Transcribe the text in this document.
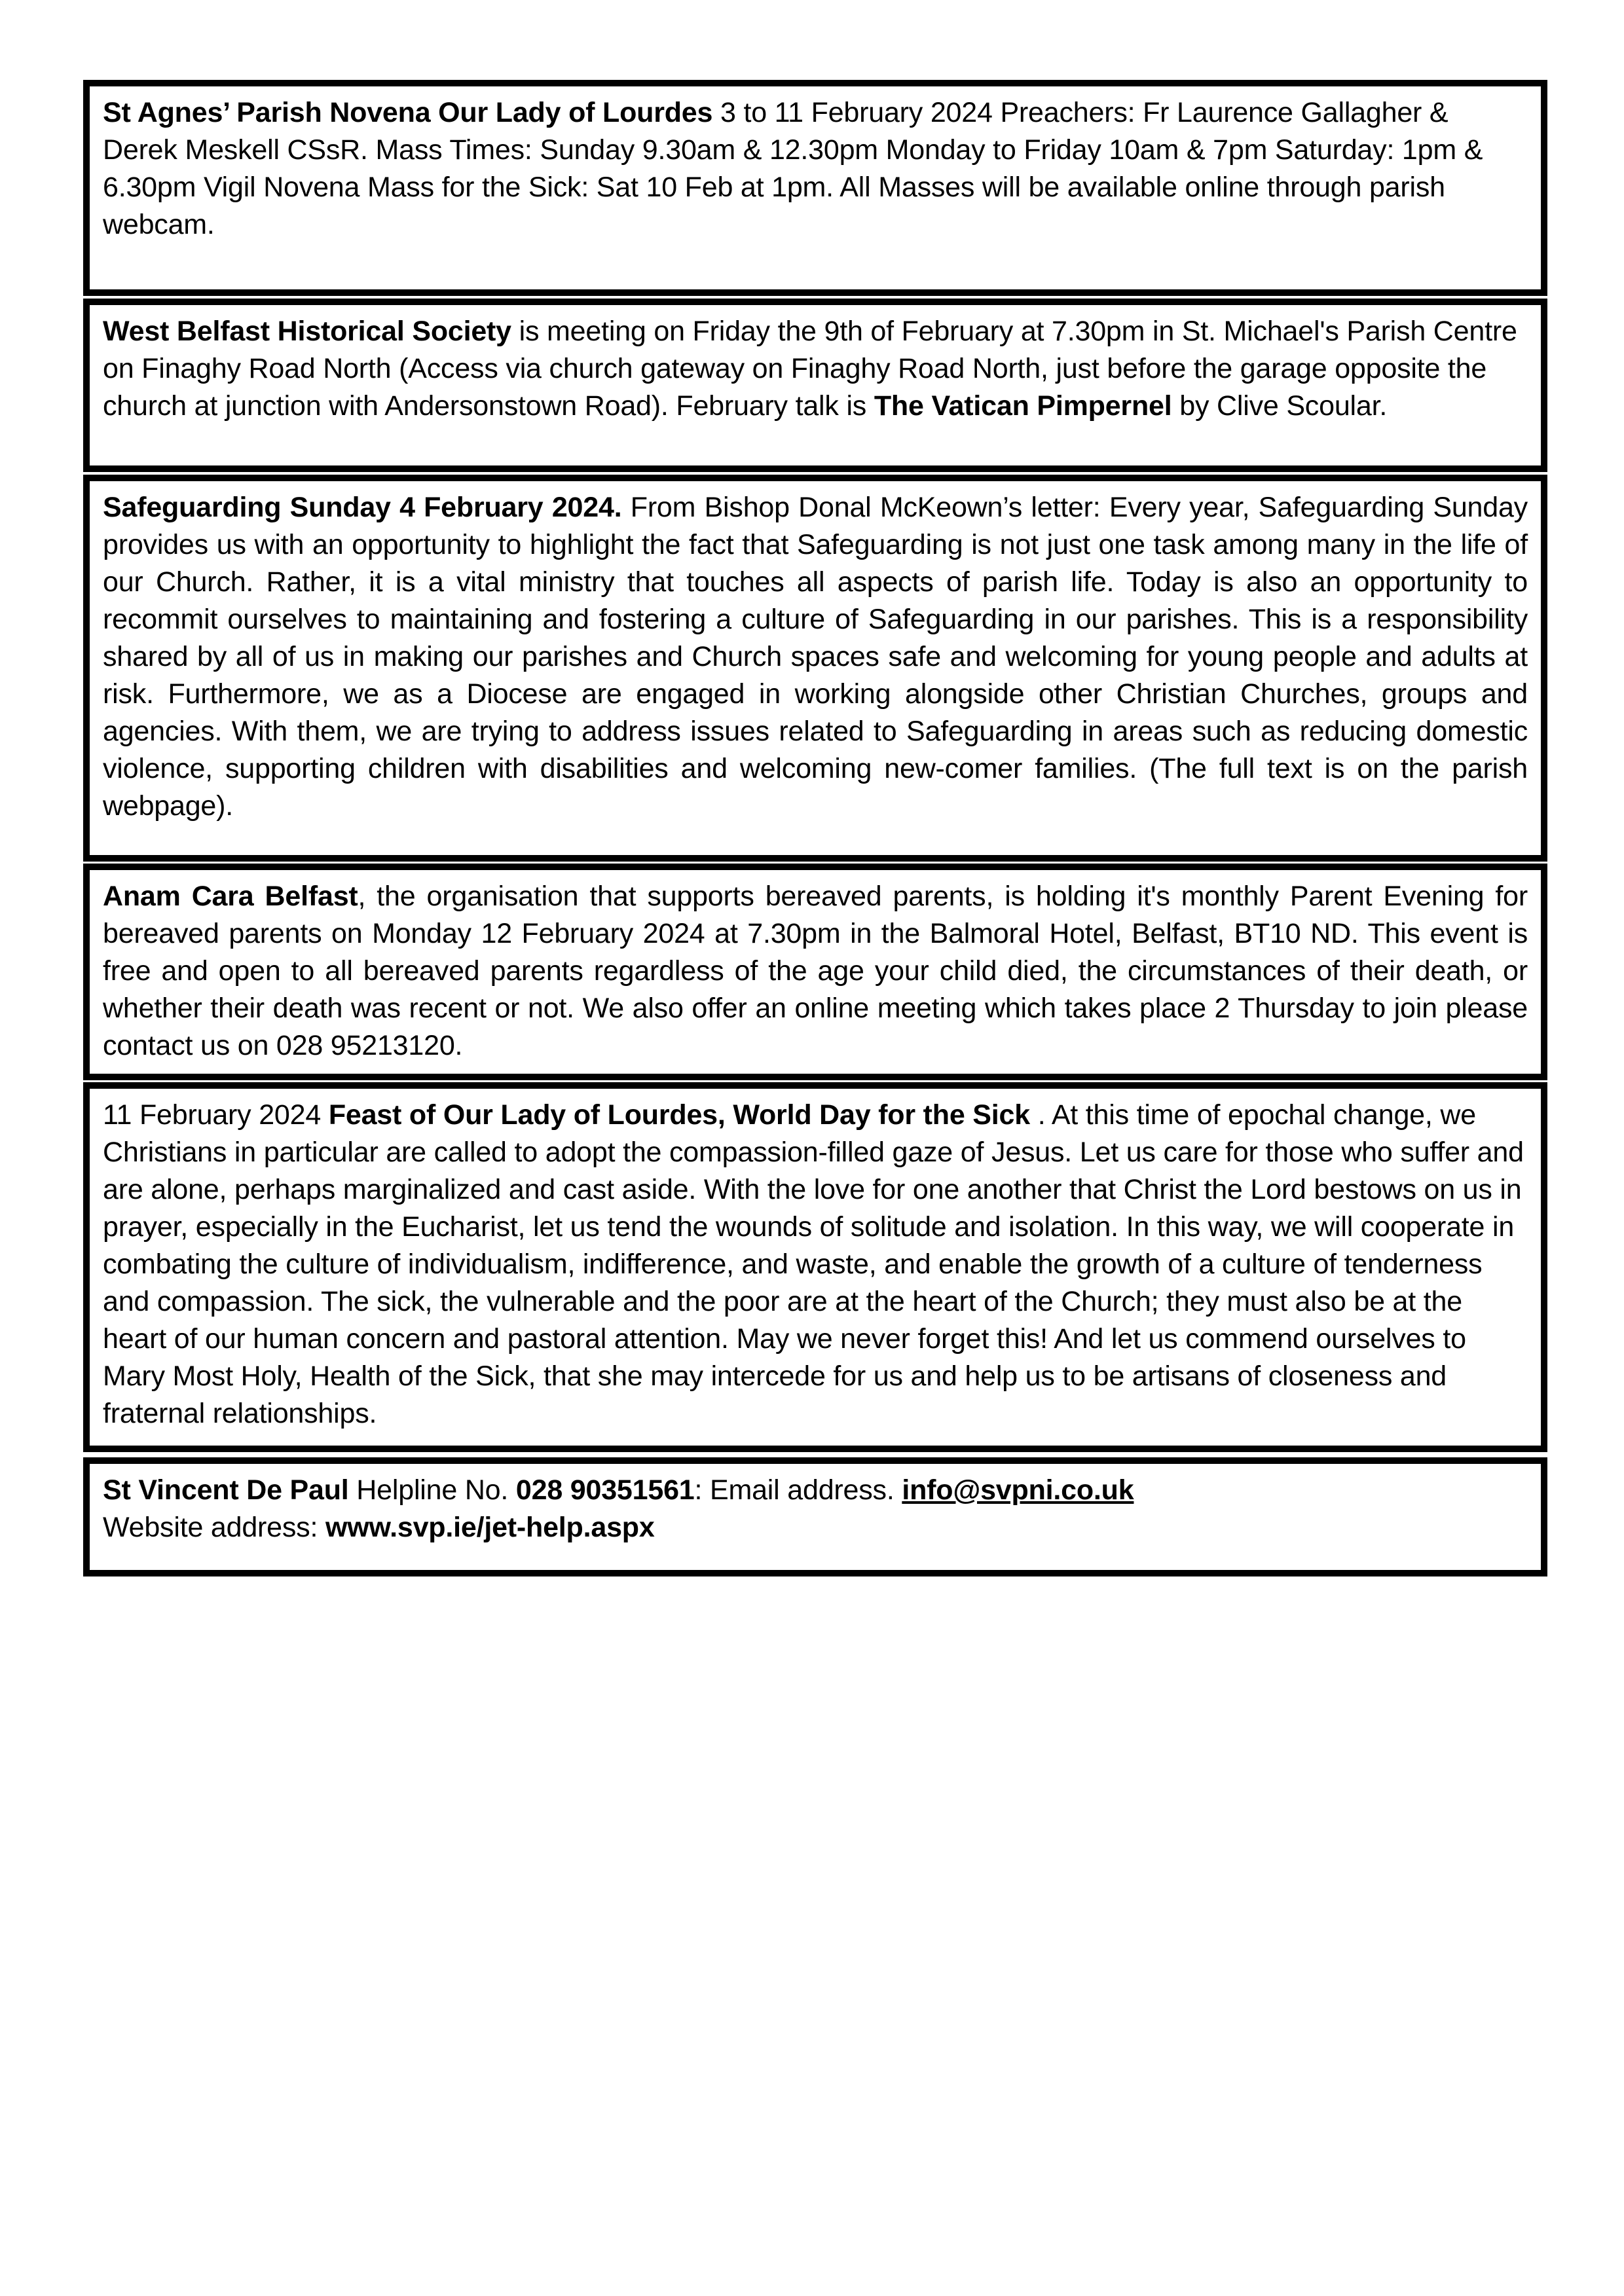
St Agnes’ Parish Novena Our Lady of Lourdes 3 to 11 February 2024 Preachers: Fr Laurence Gallagher & Derek Meskell CSsR. Mass Times: Sunday 9.30am & 12.30pm Monday to Friday 10am & 7pm Saturday: 1pm & 6.30pm Vigil Novena Mass for the Sick: Sat 10 Feb at 1pm. All Masses will be available online through parish webcam.
West Belfast Historical Society is meeting on Friday the 9th of February at 7.30pm in St. Michael's Parish Centre on Finaghy Road North (Access via church gateway on Finaghy Road North, just before the garage opposite the church at junction with Andersonstown Road). February talk is The Vatican Pimpernel by Clive Scoular.
Safeguarding Sunday 4 February 2024. From Bishop Donal McKeown’s letter: Every year, Safeguarding Sunday provides us with an opportunity to highlight the fact that Safeguarding is not just one task among many in the life of our Church. Rather, it is a vital ministry that touches all aspects of parish life. Today is also an opportunity to recommit ourselves to maintaining and fostering a culture of Safeguarding in our parishes. This is a responsibility shared by all of us in making our parishes and Church spaces safe and welcoming for young people and adults at risk. Furthermore, we as a Diocese are engaged in working alongside other Christian Churches, groups and agencies. With them, we are trying to address issues related to Safeguarding in areas such as reducing domestic violence, supporting children with disabilities and welcoming new-comer families. (The full text is on the parish webpage).
Anam Cara Belfast, the organisation that supports bereaved parents, is holding it's monthly Parent Evening for bereaved parents on Monday 12 February 2024 at 7.30pm in the Balmoral Hotel, Belfast, BT10 ND. This event is free and open to all bereaved parents regardless of the age your child died, the circumstances of their death, or whether their death was recent or not. We also offer an online meeting which takes place 2 Thursday to join please contact us on 028 95213120.
11 February 2024 Feast of Our Lady of Lourdes, World Day for the Sick . At this time of epochal change, we Christians in particular are called to adopt the compassion-filled gaze of Jesus. Let us care for those who suffer and are alone, perhaps marginalized and cast aside. With the love for one another that Christ the Lord bestows on us in prayer, especially in the Eucharist, let us tend the wounds of solitude and isolation. In this way, we will cooperate in combating the culture of individualism, indifference, and waste, and enable the growth of a culture of tenderness and compassion. The sick, the vulnerable and the poor are at the heart of the Church; they must also be at the heart of our human concern and pastoral attention. May we never forget this! And let us commend ourselves to Mary Most Holy, Health of the Sick, that she may intercede for us and help us to be artisans of closeness and fraternal relationships.
St Vincent De Paul Helpline No. 028 90351561: Email address. info@svpni.co.uk
Website address: www.svp.ie/jet-help.aspx
